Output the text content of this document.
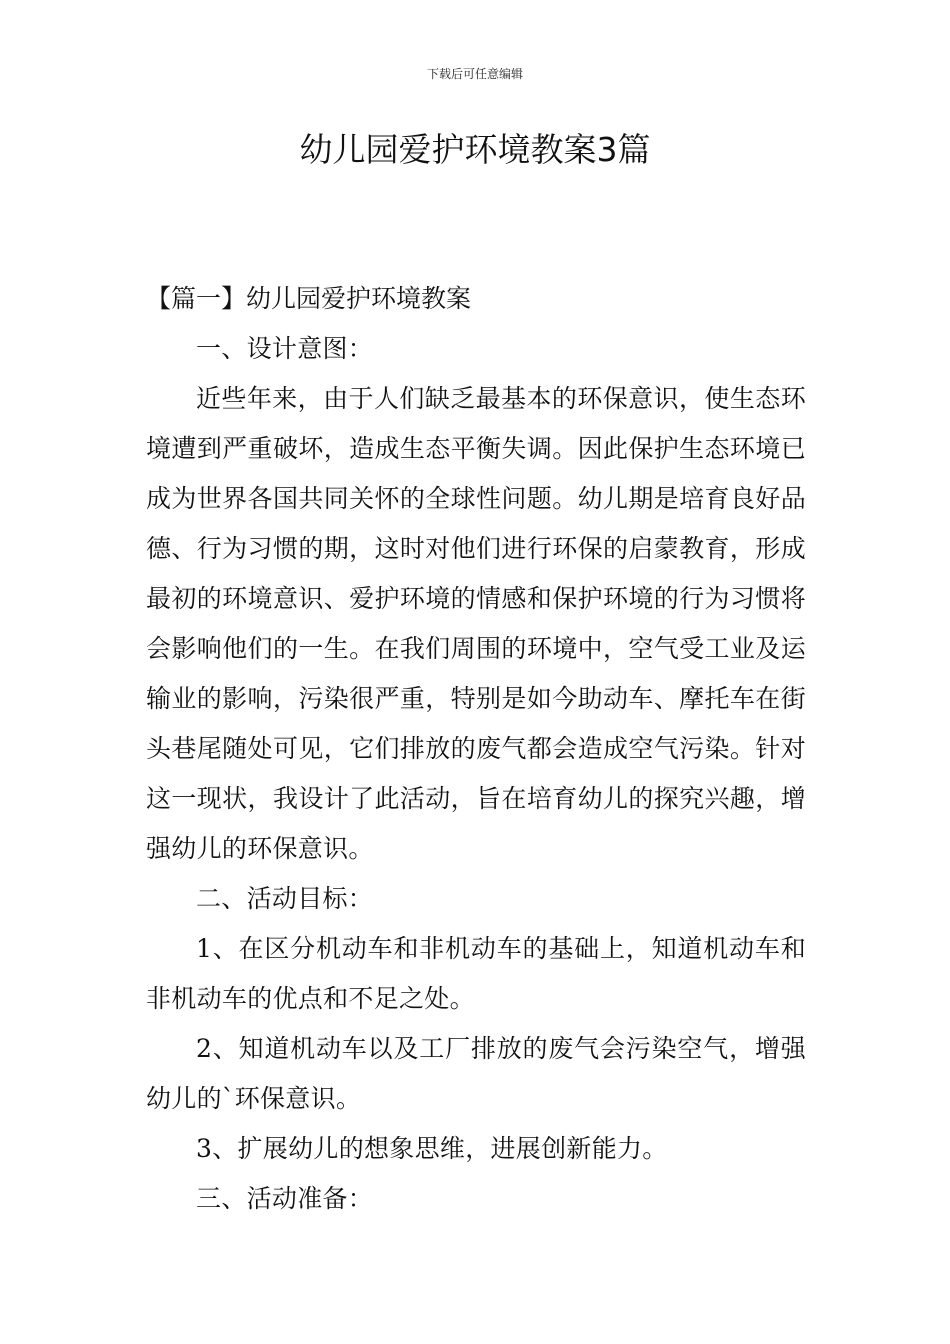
下载后可任意编辑
幼儿园爱护环境教案3篇

【篇一】幼儿园爱护环境教案

一、设计意图：

近些年来，由于人们缺乏最基本的环保意识，使生态环境遭到严重破坏，造成生态平衡失调。因此保护生态环境已成为世界各国共同关怀的全球性问题。幼儿期是培育良好品德、行为习惯的期，这时对他们进行环保的启蒙教育，形成最初的环境意识、爱护环境的情感和保护环境的行为习惯将会影响他们的一生。在我们周围的环境中，空气受工业及运输业的影响，污染很严重，特别是如今助动车、摩托车在街头巷尾随处可见，它们排放的废气都会造成空气污染。针对这一现状，我设计了此活动，旨在培育幼儿的探究兴趣，增强幼儿的环保意识。

二、活动目标：

1、在区分机动车和非机动车的基础上，知道机动车和非机动车的优点和不足之处。

2、知道机动车以及工厂排放的废气会污染空气，增强幼儿的`环保意识。

3、扩展幼儿的想象思维，进展创新能力。

三、活动准备：
